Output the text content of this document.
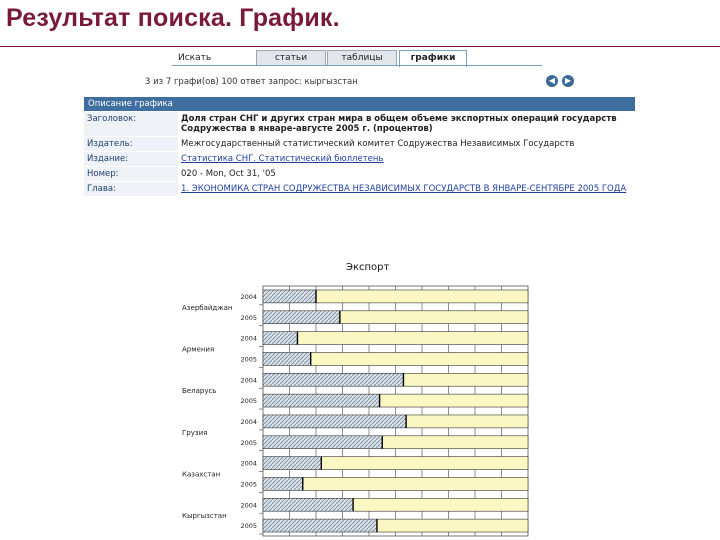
Результат поиска. График.
Искать	статьи	таблицы	графики
3 из 7 графи(ов) 100 ответ запрос: кыргызстан	◀	▶
Описание графика
Заголовок:	Доля стран СНГ и других стран мира в общем объеме экспортных операций государств Содружества в январе-августе 2005 г. (процентов)
Издатель:	Межгосударственный статистический комитет Содружества Независимых Государств
Издание:	Статистика СНГ. Статистический бюллетень
Номер:	020 - Mon, Oct 31, '05
Глава:	1. ЭКОНОМИКА СТРАН СОДРУЖЕСТВА НЕЗАВИСИМЫХ ГОСУДАРСТВ В ЯНВАРЕ-СЕНТЯБРЕ 2005 ГОДА
Экспорт
2004
2005
2004
2005
2004
2005
2004
2005
2004
2005
2004
2005
Азербайджан
Армения
Беларусь
Грузия
Казахстан
Кыргызстан
